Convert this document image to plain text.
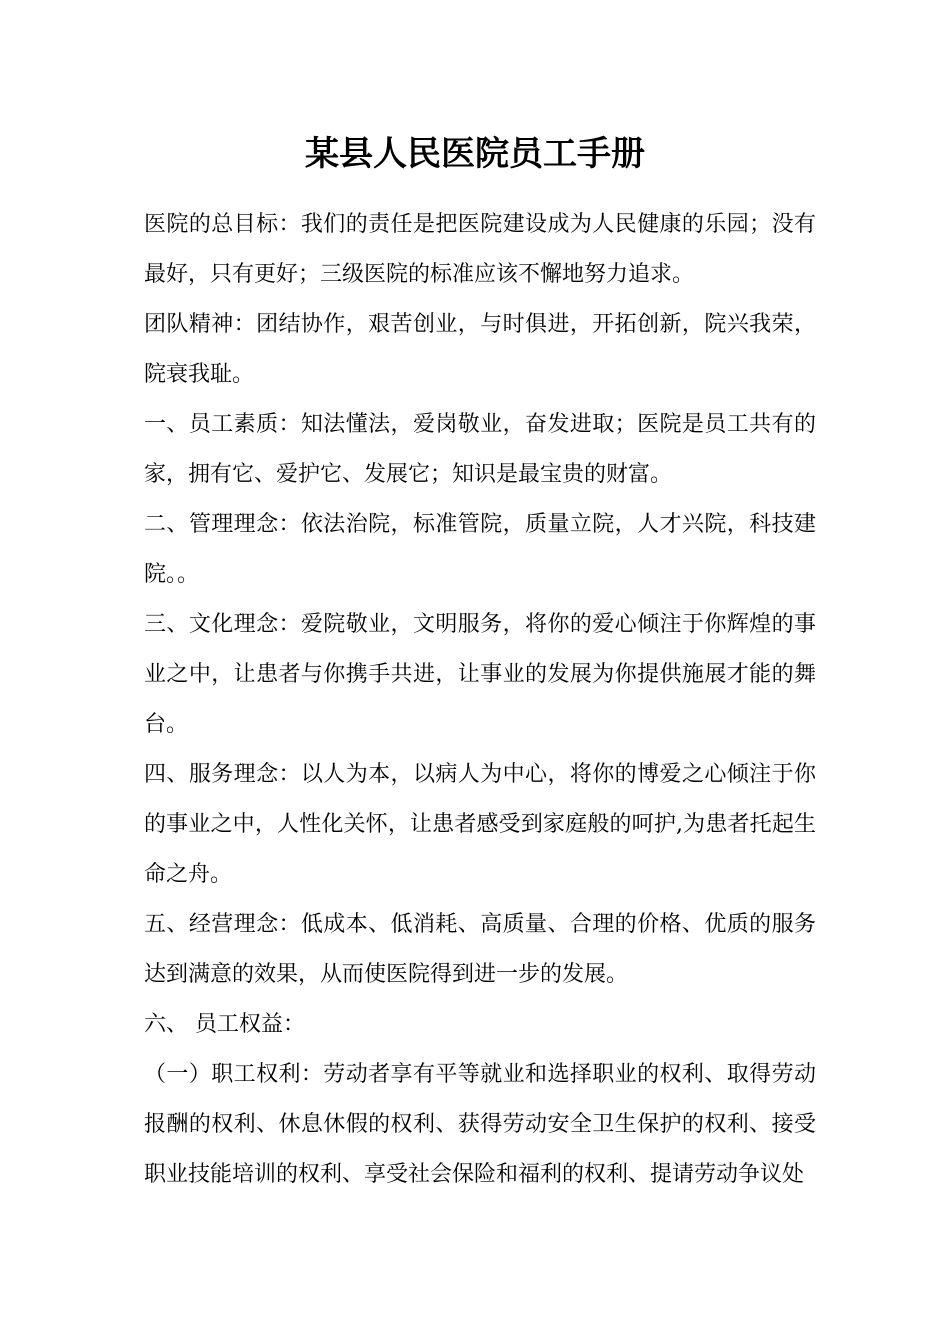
某县人民医院员工手册

医院的总目标：我们的责任是把医院建设成为人民健康的乐园；没有最好，只有更好；三级医院的标准应该不懈地努力追求。

团队精神：团结协作，艰苦创业，与时俱进，开拓创新，院兴我荣，院衰我耻。

一、员工素质：知法懂法，爱岗敬业，奋发进取；医院是员工共有的家，拥有它、爱护它、发展它；知识是最宝贵的财富。

二、管理理念：依法治院，标准管院，质量立院，人才兴院，科技建院。。

三、文化理念：爱院敬业，文明服务，将你的爱心倾注于你辉煌的事业之中，让患者与你携手共进，让事业的发展为你提供施展才能的舞台。

四、服务理念：以人为本，以病人为中心，将你的博爱之心倾注于你的事业之中，人性化关怀，让患者感受到家庭般的呵护,为患者托起生命之舟。

五、经营理念：低成本、低消耗、高质量、合理的价格、优质的服务达到满意的效果，从而使医院得到进一步的发展。

六、 员工权益：

（一）职工权利：劳动者享有平等就业和选择职业的权利、取得劳动报酬的权利、休息休假的权利、获得劳动安全卫生保护的权利、接受职业技能培训的权利、享受社会保险和福利的权利、提请劳动争议处
